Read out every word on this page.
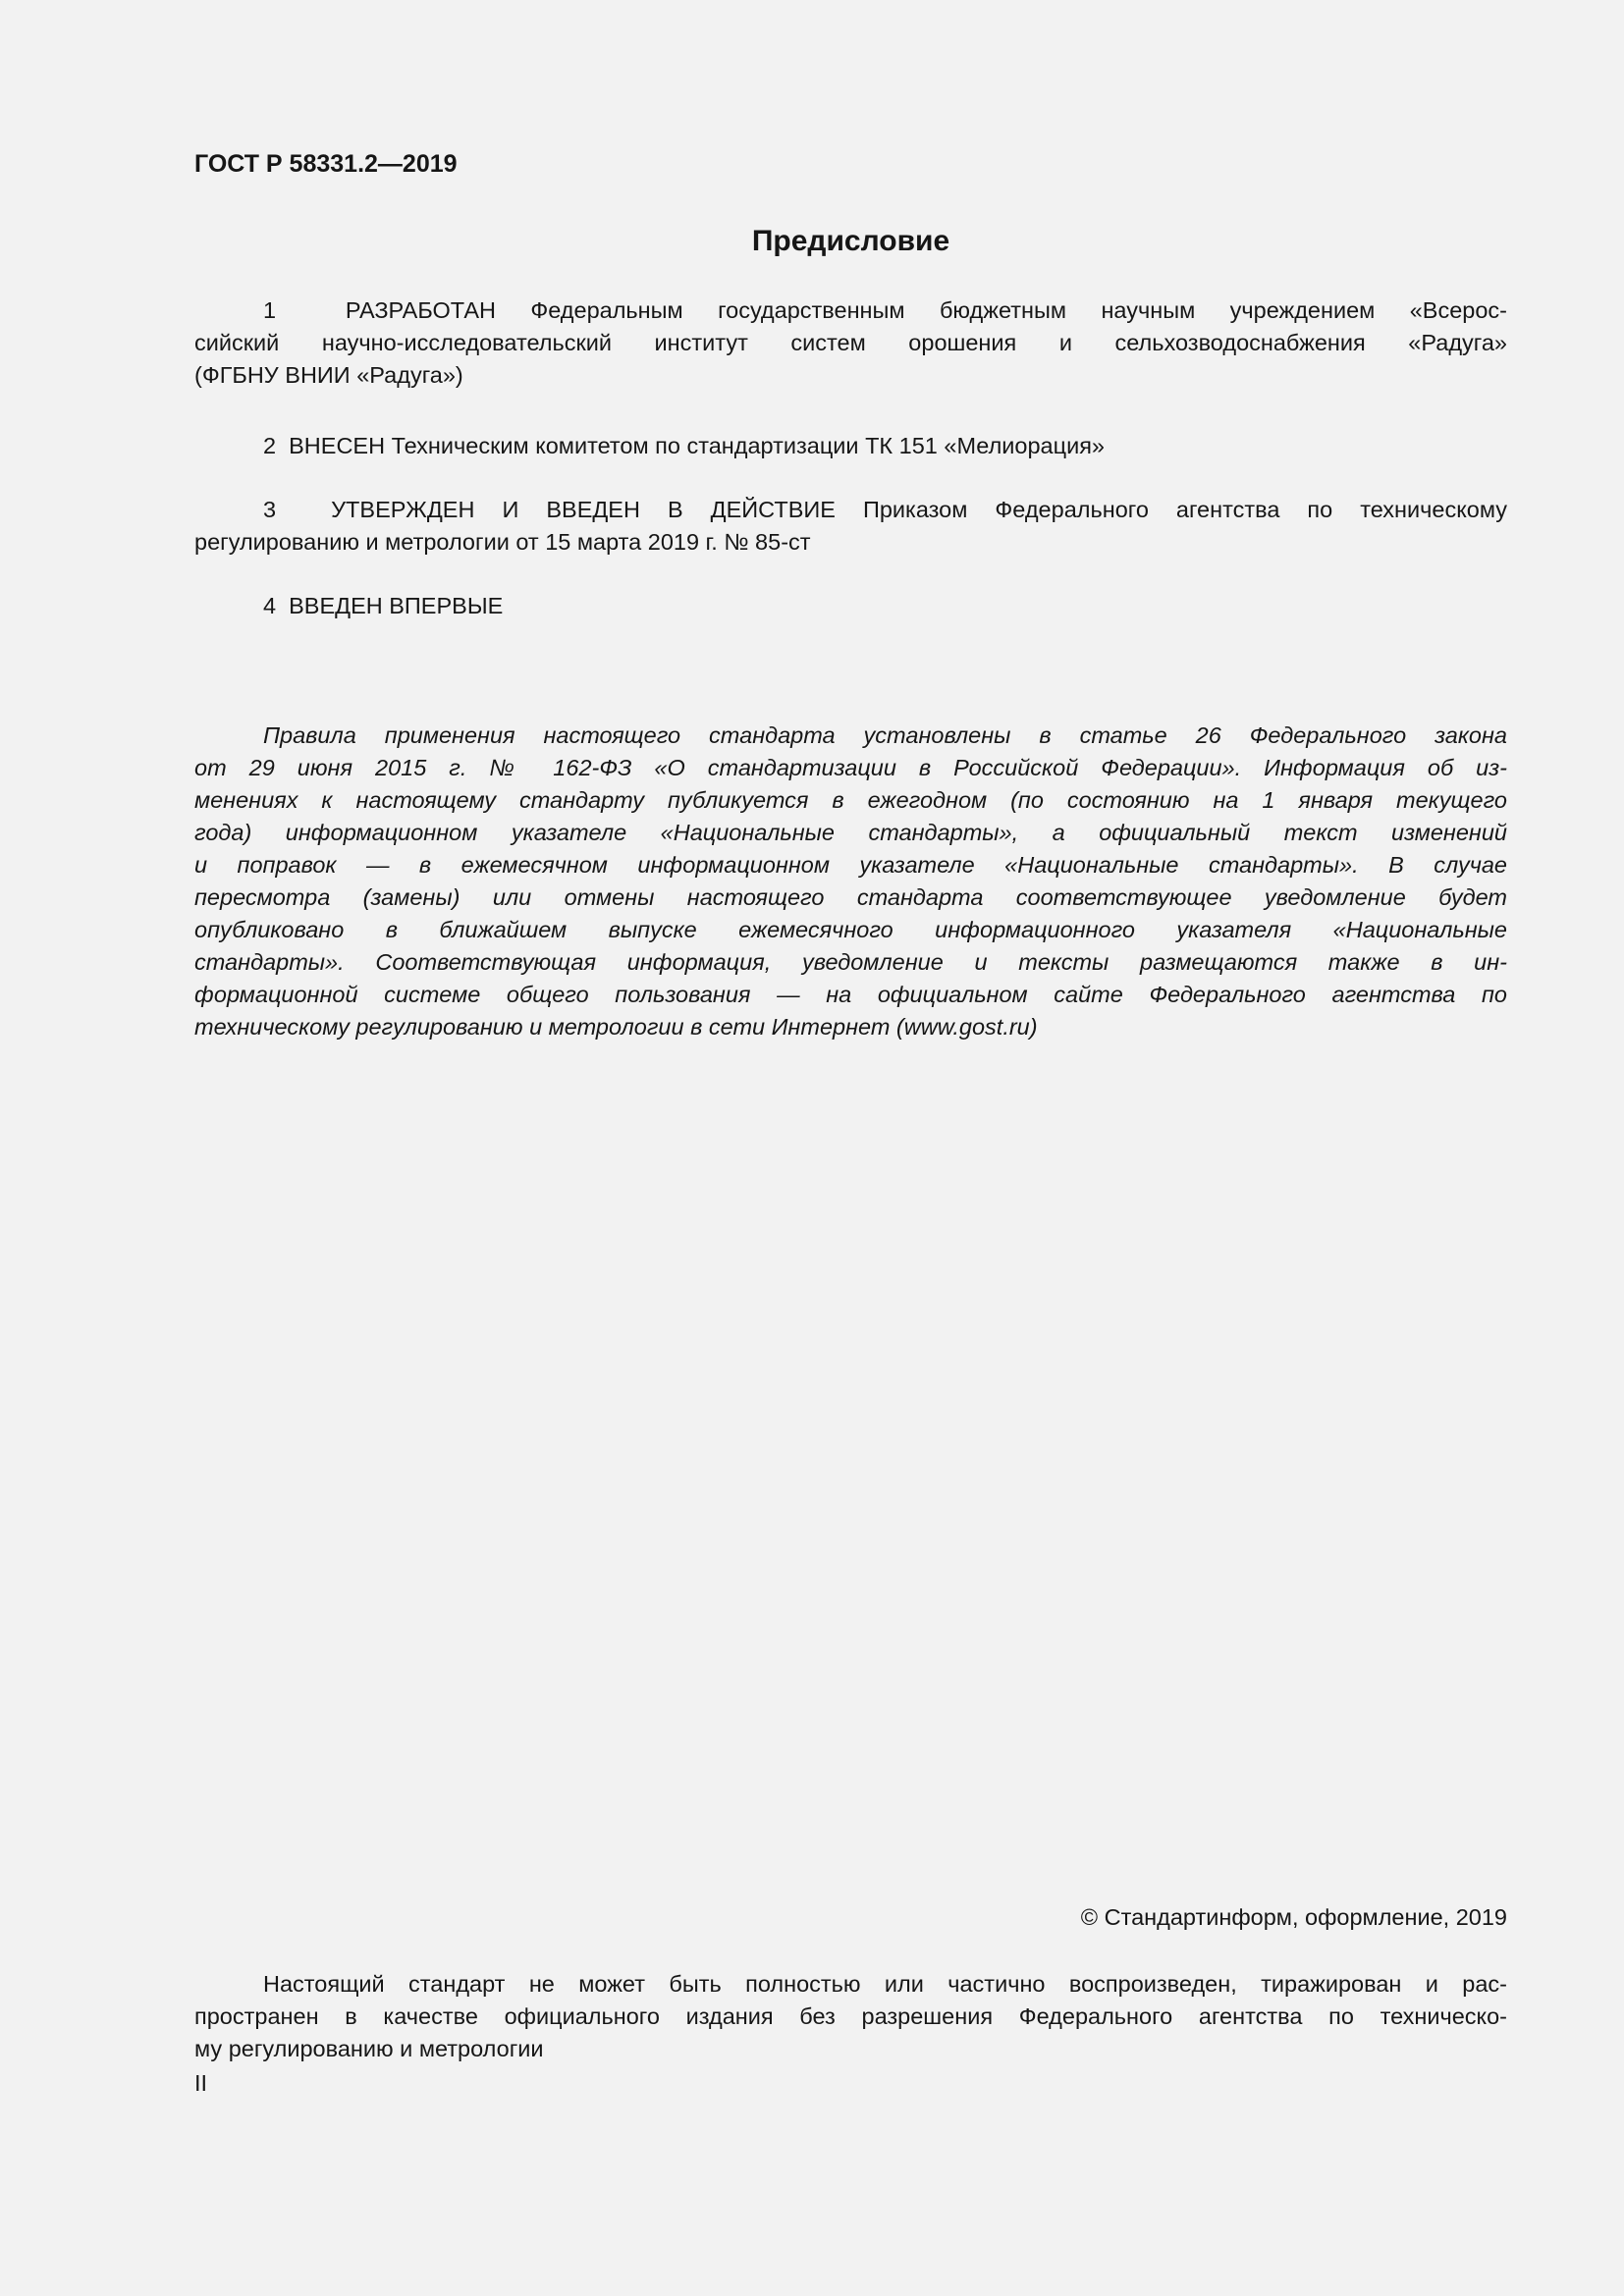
ГОСТ Р 58331.2—2019
Предисловие
1  РАЗРАБОТАН Федеральным государственным бюджетным научным учреждением «Всерос-
сийский научно-исследовательский институт систем орошения и сельхозводоснабжения «Радуга»
(ФГБНУ ВНИИ «Радуга»)
2  ВНЕСЕН Техническим комитетом по стандартизации ТК 151 «Мелиорация»
3  УТВЕРЖДЕН И ВВЕДЕН В ДЕЙСТВИЕ Приказом Федерального агентства по техническому
регулированию и метрологии от 15 марта 2019 г. № 85-ст
4  ВВЕДЕН ВПЕРВЫЕ
Правила применения настоящего стандарта установлены в статье 26 Федерального закона
от 29 июня 2015 г. № 162-ФЗ «О стандартизации в Российской Федерации». Информация об из-
менениях к настоящему стандарту публикуется в ежегодном (по состоянию на 1 января текущего
года) информационном указателе «Национальные стандарты», а официальный текст изменений
и поправок — в ежемесячном информационном указателе «Национальные стандарты». В случае
пересмотра (замены) или отмены настоящего стандарта соответствующее уведомление будет
опубликовано в ближайшем выпуске ежемесячного информационного указателя «Национальные
стандарты». Соответствующая информация, уведомление и тексты размещаются также в ин-
формационной системе общего пользования — на официальном сайте Федерального агентства по
техническому регулированию и метрологии в сети Интернет (www.gost.ru)
© Стандартинформ, оформление, 2019
Настоящий стандарт не может быть полностью или частично воспроизведен, тиражирован и рас-
пространен в качестве официального издания без разрешения Федерального агентства по техническо-
му регулированию и метрологии
II
